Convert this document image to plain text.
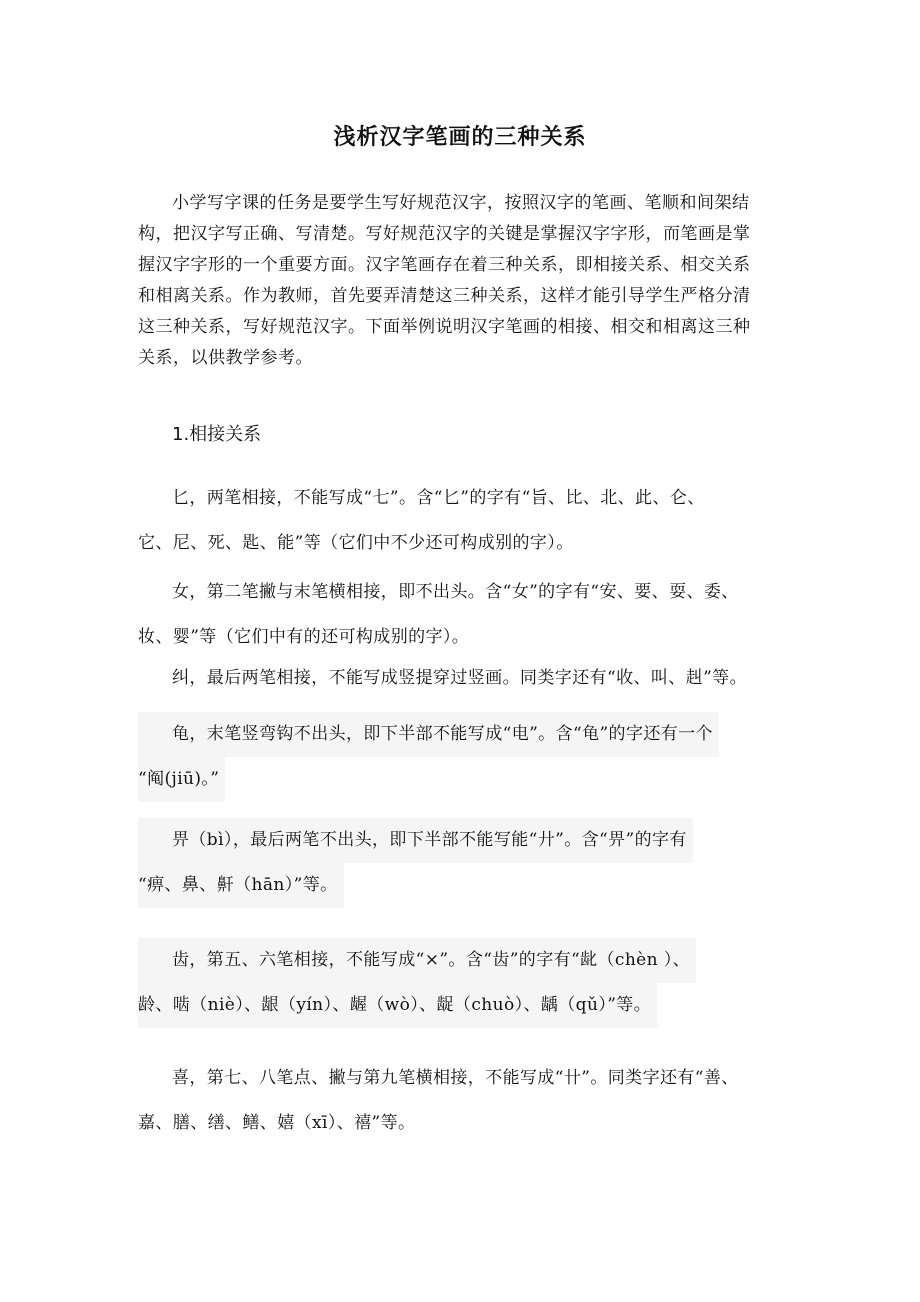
浅析汉字笔画的三种关系
小学写字课的任务是要学生写好规范汉字，按照汉字的笔画、笔顺和间架结
构，把汉字写正确、写清楚。写好规范汉字的关键是掌握汉字字形，而笔画是掌
握汉字字形的一个重要方面。汉字笔画存在着三种关系，即相接关系、相交关系
和相离关系。作为教师，首先要弄清楚这三种关系，这样才能引导学生严格分清
这三种关系，写好规范汉字。下面举例说明汉字笔画的相接、相交和相离这三种
关系，以供教学参考。
1.相接关系
匕，两笔相接，不能写成“七”。含“匕”的字有“旨、比、北、此、仑、
它、尼、死、匙、能”等（它们中不少还可构成别的字）。
女，第二笔撇与末笔横相接，即不出头。含“女”的字有“安、要、耍、委、
妆、婴”等（它们中有的还可构成别的字）。
纠，最后两笔相接，不能写成竖提穿过竖画。同类字还有“收、叫、赳”等。
龟，末笔竖弯钩不出头，即下半部不能写成“电”。含“龟”的字还有一个
“阄(jiū)。”
畀（bì），最后两笔不出头，即下半部不能写能“廾”。含“畀”的字有
“痹、鼻、鼾（hān）”等。
齿，第五、六笔相接，不能写成“×”。含“齿”的字有“龀（chèn ）、
龄、啮（niè）、龈（yín）、龌（wò）、龊（chuò）、龋（qǔ）”等。
喜，第七、八笔点、撇与第九笔横相接，不能写成“卄”。同类字还有“善、
嘉、膳、缮、鳝、嬉（xī）、禧”等。
